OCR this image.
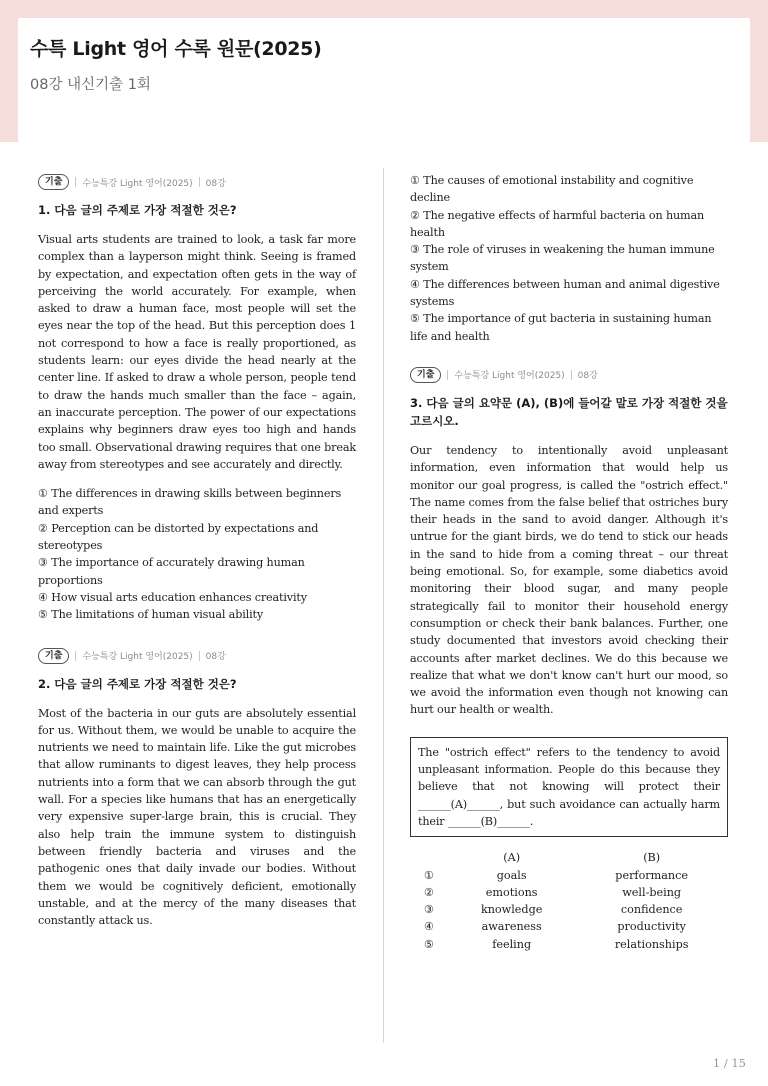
수특 Light 영어 수록 원문(2025)
08강 내신기출 1회
기출	수능특강 Light 영어(2025) 08강
1. 다음 글의 주제로 가장 적절한 것은?

Visual arts students are trained to look, a task far more complex than a layperson might think. Seeing is framed by expectation, and expectation often gets in the way of perceiving the world accurately. For example, when asked to draw a human face, most people will set the eyes near the top of the head. But this perception does 1 not correspond to how a face is really proportioned, as students learn: our eyes divide the head nearly at the center line. If asked to draw a whole person, people tend to draw the hands much smaller than the face – again, an inaccurate perception. The power of our expectations explains why beginners draw eyes too high and hands too small. Observational drawing requires that one break away from stereotypes and see accurately and directly.

① The differences in drawing skills between beginners and experts
② Perception can be distorted by expectations and stereotypes
③ The importance of accurately drawing human proportions
④ How visual arts education enhances creativity
⑤ The limitations of human visual ability
기출	수능특강 Light 영어(2025) 08강
2. 다음 글의 주제로 가장 적절한 것은?

Most of the bacteria in our guts are absolutely essential for us. Without them, we would be unable to acquire the nutrients we need to maintain life. Like the gut microbes that allow ruminants to digest leaves, they help process nutrients into a form that we can absorb through the gut wall. For a species like humans that has an energetically very expensive super-large brain, this is crucial. They also help train the immune system to distinguish between friendly bacteria and viruses and the pathogenic ones that daily invade our bodies. Without them we would be cognitively deficient, emotionally unstable, and at the mercy of the many diseases that constantly attack us.

① The causes of emotional instability and cognitive decline
② The negative effects of harmful bacteria on human health
③ The role of viruses in weakening the human immune system
④ The differences between human and animal digestive systems
⑤ The importance of gut bacteria in sustaining human life and health
기출	수능특강 Light 영어(2025) 08강
3. 다음 글의 요약문 (A), (B)에 들어갈 말로 가장 적절한 것을 고르시오.

Our tendency to intentionally avoid unpleasant information, even information that would help us monitor our goal progress, is called the "ostrich effect." The name comes from the false belief that ostriches bury their heads in the sand to avoid danger. Although it's untrue for the giant birds, we do tend to stick our heads in the sand to hide from a coming threat – our threat being emotional. So, for example, some diabetics avoid monitoring their blood sugar, and many people strategically fail to monitor their household energy consumption or check their bank balances. Further, one study documented that investors avoid checking their accounts after market declines. We do this because we realize that what we don't know can't hurt our mood, so we avoid the information even though not knowing can hurt our health or wealth.

The "ostrich effect" refers to the tendency to avoid unpleasant information. People do this because they believe that not knowing will protect their ______(A)______, but such avoidance can actually harm their ______(B)______.
	(A)	(B)
①	goals	performance
②	emotions	well-being
③	knowledge	confidence
④	awareness	productivity
⑤	feeling	relationships
1 / 15
